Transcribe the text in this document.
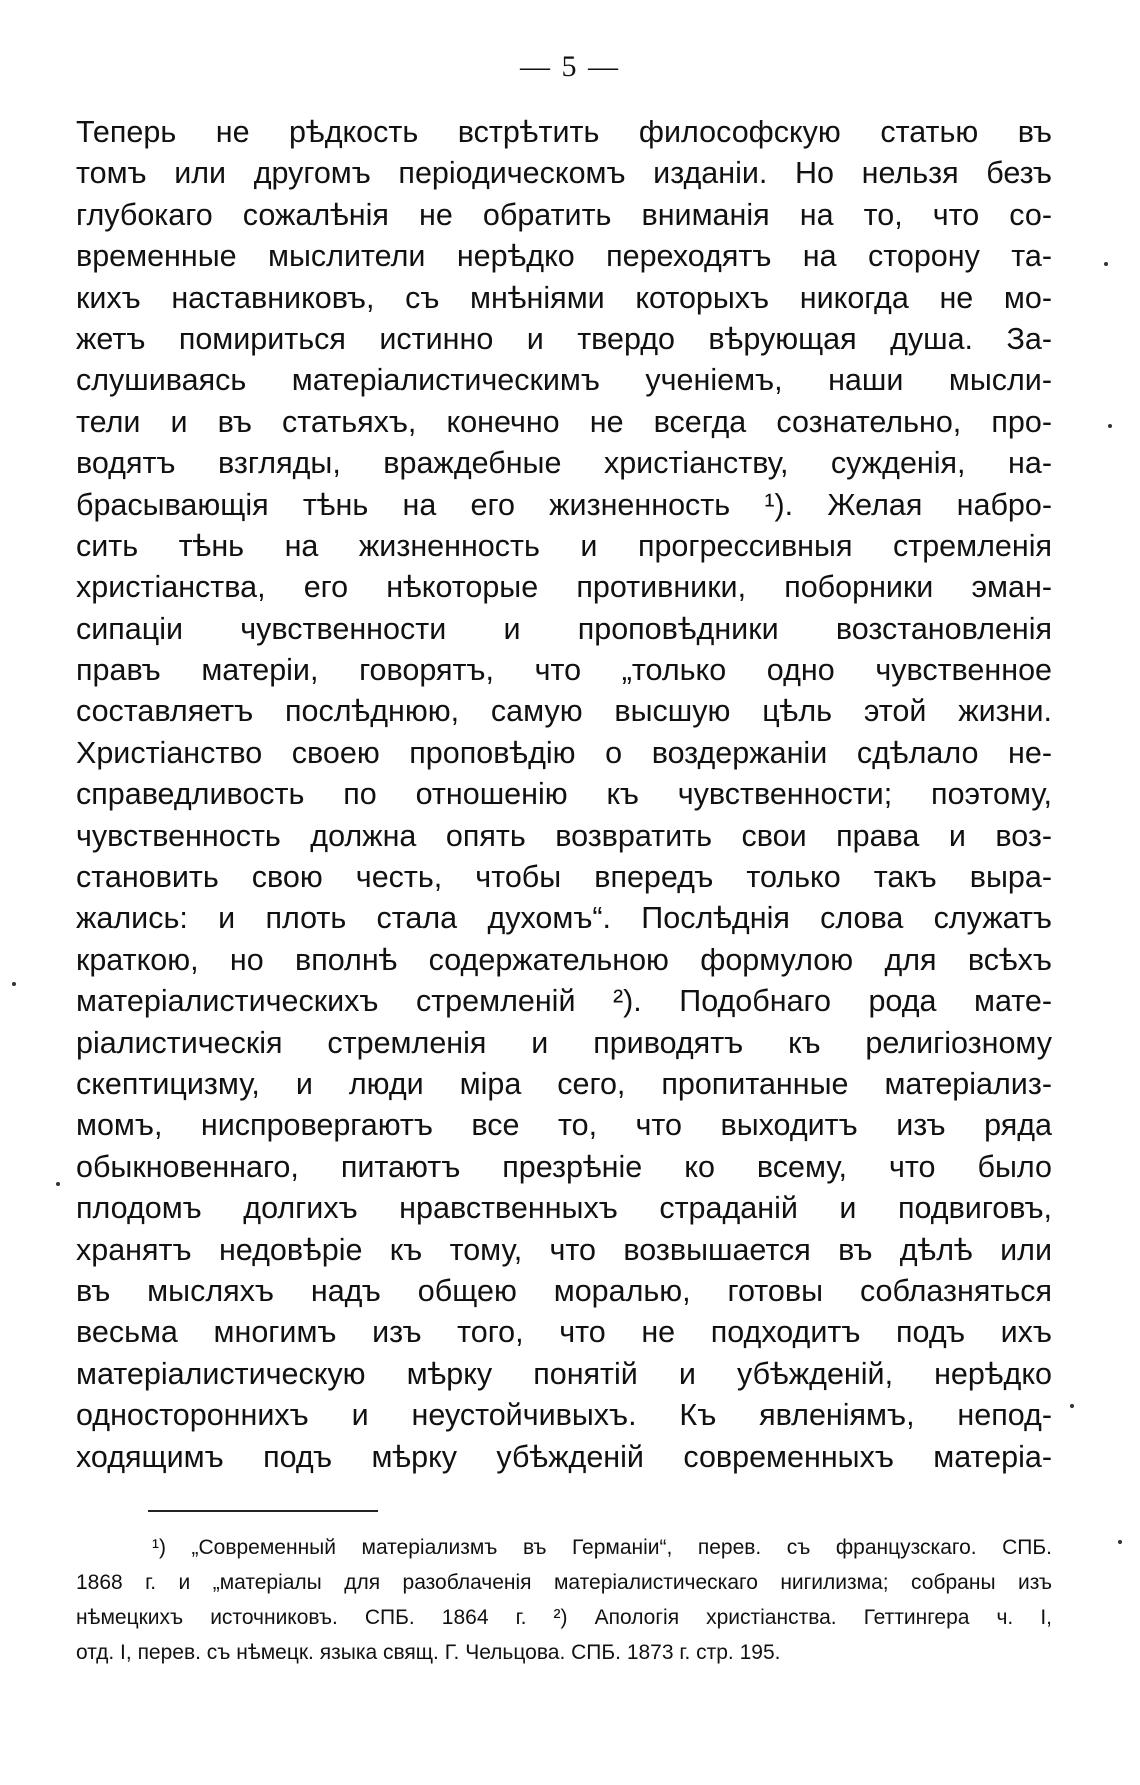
— 5 —
Теперь не рѣдкость встрѣтить философскую статью въ
томъ или другомъ періодическомъ изданіи. Но нельзя безъ
глубокаго сожалѣнія не обратить вниманія на то, что со-
временные мыслители нерѣдко переходятъ на сторону та-
кихъ наставниковъ, съ мнѣніями которыхъ никогда не мо-
жетъ помириться истинно и твердо вѣрующая душа. За-
слушиваясь матеріалистическимъ ученіемъ, наши мысли-
тели и въ статьяхъ, конечно не всегда сознательно, про-
водятъ взгляды, враждебные христіанству, сужденія, на-
брасывающія тѣнь на его жизненность ¹). Желая набро-
сить тѣнь на жизненность и прогрессивныя стремленія
христіанства, его нѣкоторые противники, поборники эман-
сипаціи чувственности и проповѣдники возстановленія
правъ матеріи, говорятъ, что „только одно чувственное
составляетъ послѣднюю, самую высшую цѣль этой жизни.
Христіанство своею проповѣдію о воздержаніи сдѣлало не-
справедливость по отношенію къ чувственности; поэтому,
чувственность должна опять возвратить свои права и воз-
становить свою честь, чтобы впередъ только такъ выра-
жались: и плоть стала духомъ“. Послѣднія слова служатъ
краткою, но вполнѣ содержательною формулою для всѣхъ
матеріалистическихъ стремленій ²). Подобнаго рода мате-
ріалистическія стремленія и приводятъ къ религіозному
скептицизму, и люди міра сего, пропитанные матеріализ-
момъ, ниспровергаютъ все то, что выходитъ изъ ряда
обыкновеннаго, питаютъ презрѣніе ко всему, что было
плодомъ долгихъ нравственныхъ страданій и подвиговъ,
хранятъ недовѣріе къ тому, что возвышается въ дѣлѣ или
въ мысляхъ надъ общею моралью, готовы соблазняться
весьма многимъ изъ того, что не подходитъ подъ ихъ
матеріалистическую мѣрку понятій и убѣжденій, нерѣдко
одностороннихъ и неустойчивыхъ. Къ явленіямъ, непод-
ходящимъ подъ мѣрку убѣжденій современныхъ матеріа-
¹) „Современный матеріализмъ въ Германіи“, перев. съ французскаго. СПБ.
1868 г. и „матеріалы для разоблаченія матеріалистическаго нигилизма; собраны изъ
нѣмецкихъ источниковъ. СПБ. 1864 г. ²) Апологія христіанства. Геттингера ч. I,
отд. I, перев. съ нѣмецк. языка свящ. Г. Чельцова. СПБ. 1873 г. стр. 195.
